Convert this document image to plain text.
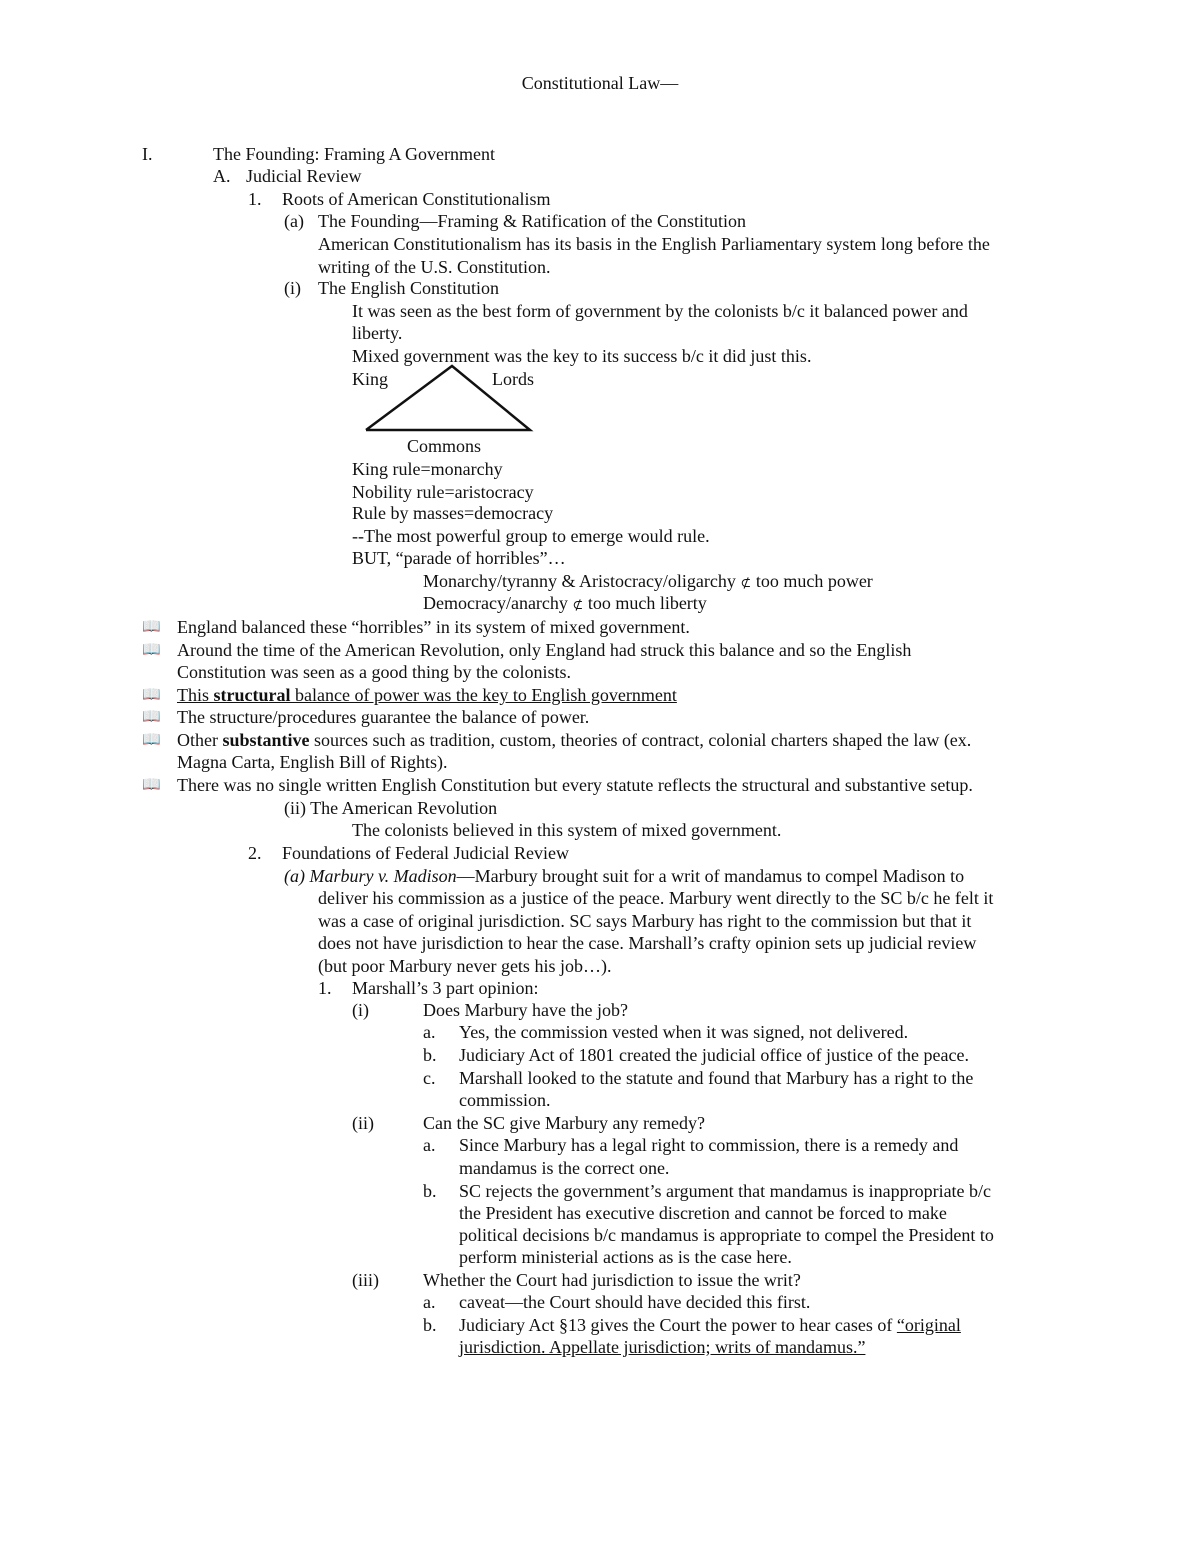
Constitutional Law—
I.	The Founding: Framing A Government
A. Judicial Review
1. Roots of American Constitutionalism
(a) The Founding—Framing & Ratification of the Constitution
American Constitutionalism has its basis in the English Parliamentary system long before the
writing of the U.S. Constitution.
(i) The English Constitution
It was seen as the best form of government by the colonists b/c it balanced power and
liberty.
Mixed government was the key to its success b/c it did just this.
King	Lords
Commons
King rule=monarchy
Nobility rule=aristocracy
Rule by masses=democracy
--The most powerful group to emerge would rule.
BUT, “parade of horribles”…
Monarchy/tyranny & Aristocracy/oligarchy ⊄ too much power
Democracy/anarchy ⊄ too much liberty
📖 England balanced these “horribles” in its system of mixed government.
📖 Around the time of the American Revolution, only England had struck this balance and so the English
Constitution was seen as a good thing by the colonists.
📖 This structural balance of power was the key to English government
📖 The structure/procedures guarantee the balance of power.
📖 Other substantive sources such as tradition, custom, theories of contract, colonial charters shaped the law (ex.
Magna Carta, English Bill of Rights).
📖 There was no single written English Constitution but every statute reflects the structural and substantive setup.
(ii) The American Revolution
The colonists believed in this system of mixed government.
2. Foundations of Federal Judicial Review
(a) Marbury v. Madison—Marbury brought suit for a writ of mandamus to compel Madison to
deliver his commission as a justice of the peace. Marbury went directly to the SC b/c he felt it
was a case of original jurisdiction. SC says Marbury has right to the commission but that it
does not have jurisdiction to hear the case. Marshall’s crafty opinion sets up judicial review
(but poor Marbury never gets his job…).
1. Marshall’s 3 part opinion:
(i)	Does Marbury have the job?
a. Yes, the commission vested when it was signed, not delivered.
b. Judiciary Act of 1801 created the judicial office of justice of the peace.
c. Marshall looked to the statute and found that Marbury has a right to the
commission.
(ii)	Can the SC give Marbury any remedy?
a. Since Marbury has a legal right to commission, there is a remedy and
mandamus is the correct one.
b. SC rejects the government’s argument that mandamus is inappropriate b/c
the President has executive discretion and cannot be forced to make
political decisions b/c mandamus is appropriate to compel the President to
perform ministerial actions as is the case here.
(iii) Whether the Court had jurisdiction to issue the writ?
a. caveat—the Court should have decided this first.
b. Judiciary Act §13 gives the Court the power to hear cases of “original
jurisdiction. Appellate jurisdiction; writs of mandamus.”
